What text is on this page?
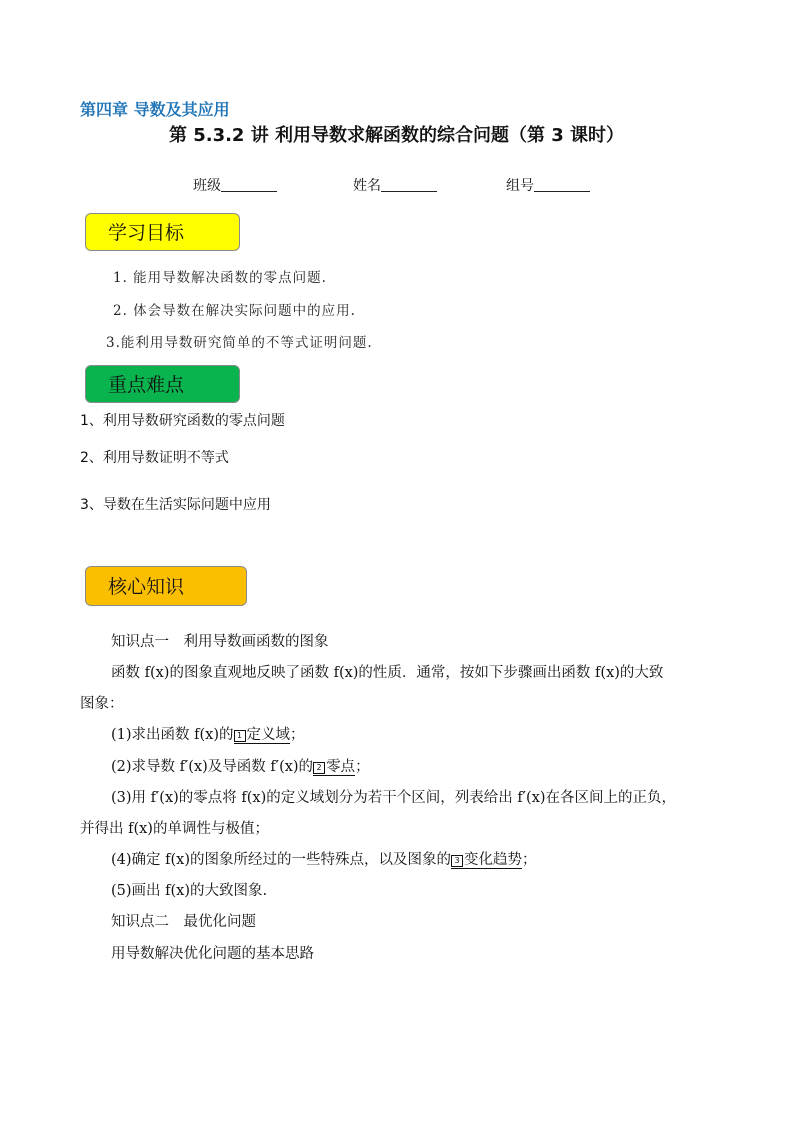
第四章 导数及其应用
第 5.3.2 讲 利用导数求解函数的综合问题（第 3 课时）
班级	姓名	组号
学习目标
1. 能用导数解决函数的零点问题.
2. 体会导数在解决实际问题中的应用.
3.能利用导数研究简单的不等式证明问题.
重点难点
1、利用导数研究函数的零点问题
2、利用导数证明不等式
3、导数在生活实际问题中应用
核心知识
知识点一　利用导数画函数的图象
函数 f(x)的图象直观地反映了函数 f(x)的性质．通常，按如下步骤画出函数 f(x)的大致
图象：
(1)求出函数 f(x)的 1 定义域；
(2)求导数 f′(x)及导函数 f′(x)的 2 零点；
(3)用 f′(x)的零点将 f(x)的定义域划分为若干个区间，列表给出 f′(x)在各区间上的正负，
并得出 f(x)的单调性与极值；
(4)确定 f(x)的图象所经过的一些特殊点，以及图象的 3 变化趋势；
(5)画出 f(x)的大致图象.
知识点二　最优化问题
用导数解决优化问题的基本思路
